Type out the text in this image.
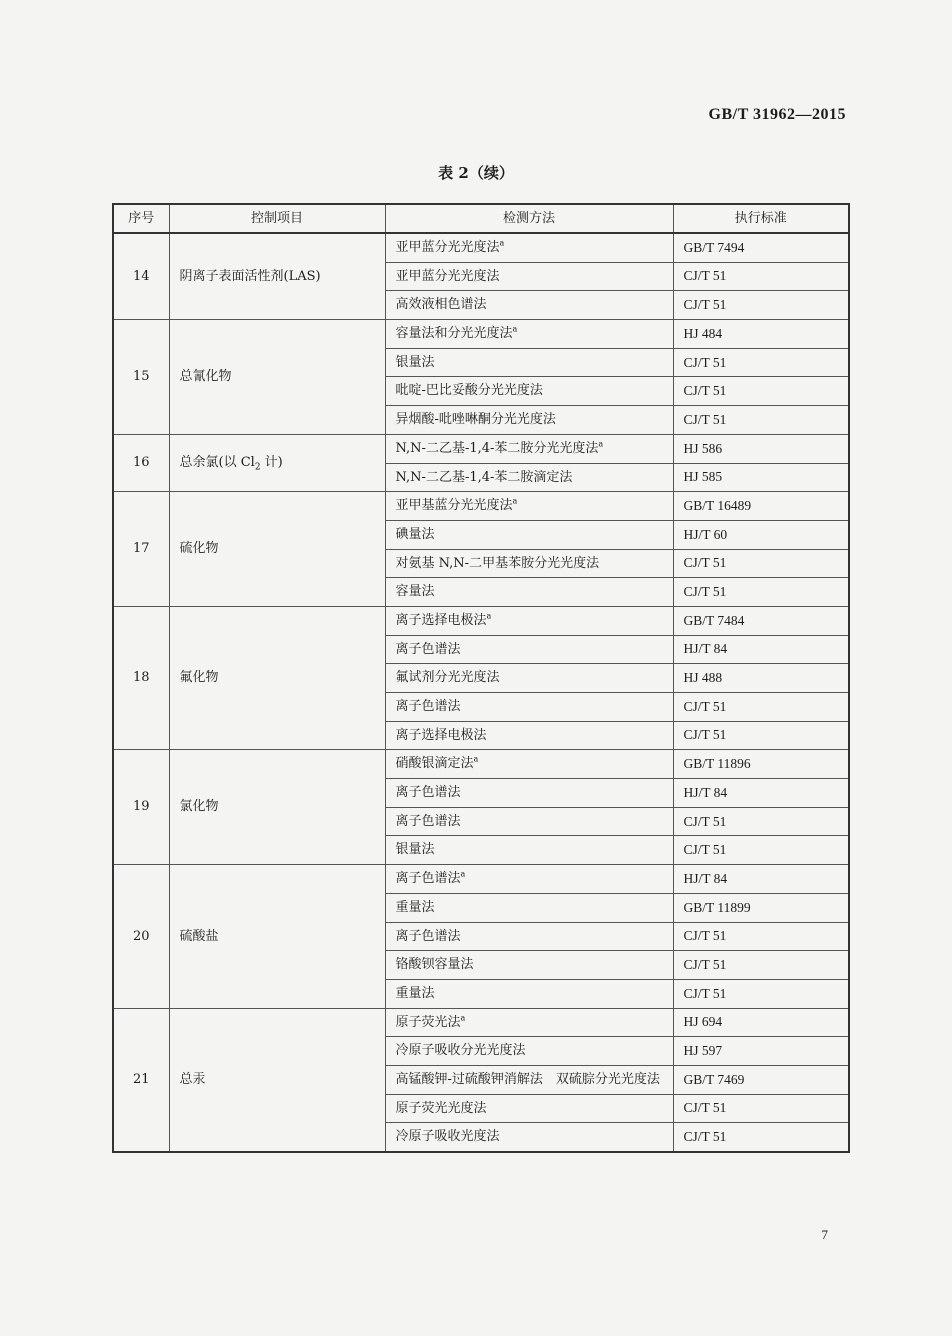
GB/T 31962—2015
表 2（续）
序号	控制项目	检测方法	执行标准
14	阴离子表面活性剂(LAS)	亚甲蓝分光光度法$^a$	GB/T 7494
		亚甲蓝分光光度法	CJ/T 51
		高效液相色谱法	CJ/T 51
15	总氰化物	容量法和分光光度法$^a$	HJ 484
		银量法	CJ/T 51
		吡啶-巴比妥酸分光光度法	CJ/T 51
		异烟酸-吡唑啉酮分光光度法	CJ/T 51
16	总余氯(以 $Cl_2$ 计)	N,N-二乙基-1,4-苯二胺分光光度法$^a$	HJ 586
		N,N-二乙基-1,4-苯二胺滴定法	HJ 585
17	硫化物	亚甲基蓝分光光度法$^a$	GB/T 16489
		碘量法	HJ/T 60
		对氨基 N,N-二甲基苯胺分光光度法	CJ/T 51
		容量法	CJ/T 51
18	氟化物	离子选择电极法$^a$	GB/T 7484
		离子色谱法	HJ/T 84
		氟试剂分光光度法	HJ 488
		离子色谱法	CJ/T 51
		离子选择电极法	CJ/T 51
19	氯化物	硝酸银滴定法$^a$	GB/T 11896
		离子色谱法	HJ/T 84
		离子色谱法	CJ/T 51
		银量法	CJ/T 51
20	硫酸盐	离子色谱法$^a$	HJ/T 84
		重量法	GB/T 11899
		离子色谱法	CJ/T 51
		铬酸钡容量法	CJ/T 51
		重量法	CJ/T 51
21	总汞	原子荧光法$^a$	HJ 694
		冷原子吸收分光光度法	HJ 597
		高锰酸钾-过硫酸钾消解法　双硫腙分光光度法	GB/T 7469
		原子荧光光度法	CJ/T 51
		冷原子吸收光度法	CJ/T 51
7
